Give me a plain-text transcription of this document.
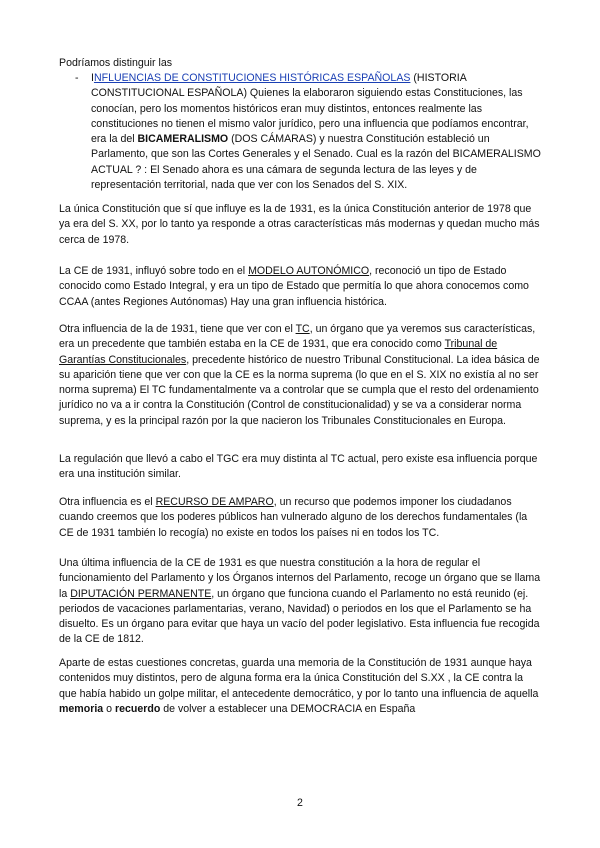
Podríamos distinguir las
- INFLUENCIAS DE CONSTITUCIONES HISTÓRICAS ESPAÑOLAS (HISTORIA CONSTITUCIONAL ESPAÑOLA) Quienes la elaboraron siguiendo estas Constituciones, las conocían, pero los momentos históricos eran muy distintos, entonces realmente las constituciones no tienen el mismo valor jurídico, pero una influencia que podíamos encontrar, era la del BICAMERALISMO (DOS CÁMARAS) y nuestra Constitución estableció un Parlamento, que son las Cortes Generales y el Senado. Cual es la razón del BICAMERALISMO ACTUAL ? : El Senado ahora es una cámara de segunda lectura de las leyes y de representación territorial, nada que ver con los Senados del S. XIX.
La única Constitución que sí que influye es la de 1931, es la única Constitución anterior de 1978 que ya era del S. XX, por lo tanto ya responde a otras características más modernas y quedan mucho más cerca de 1978.
La CE de 1931, influyó sobre todo en el MODELO AUTONÓMICO, reconoció un tipo de Estado conocido como Estado Integral, y era un tipo de Estado que permitía lo que ahora conocemos como CCAA (antes Regiones Autónomas) Hay una gran influencia histórica.
Otra influencia de la de 1931, tiene que ver con el TC, un órgano que ya veremos sus características, era un precedente que también estaba en la CE de 1931, que era conocido como Tribunal de Garantías Constitucionales, precedente histórico de nuestro Tribunal Constitucional. La idea básica de su aparición tiene que ver con que la CE es la norma suprema (lo que en el S. XIX no existía al no ser norma suprema) El TC fundamentalmente va a controlar que se cumpla que el resto del ordenamiento jurídico no va a ir contra la Constitución (Control de constitucionalidad) y se va a considerar norma suprema, y es la principal razón por la que nacieron los Tribunales Constitucionales en Europa.
La regulación que llevó a cabo el TGC era muy distinta al TC actual, pero existe esa influencia porque era una institución similar.
Otra influencia es el RECURSO DE AMPARO, un recurso que podemos imponer los ciudadanos cuando creemos que los poderes públicos han vulnerado alguno de los derechos fundamentales (la CE de 1931 también lo recogía) no existe en todos los países ni en todos los TC.
Una última influencia de la CE de 1931 es que nuestra constitución a la hora de regular el funcionamiento del Parlamento y los Órganos internos del Parlamento, recoge un órgano que se llama la DIPUTACIÓN PERMANENTE, un órgano que funciona cuando el Parlamento no está reunido (ej. periodos de vacaciones parlamentarias, verano, Navidad) o periodos en los que el Parlamento se ha disuelto. Es un órgano para evitar que haya un vacío del poder legislativo. Esta influencia fue recogida de la CE de 1812.
Aparte de estas cuestiones concretas, guarda una memoria de la Constitución de 1931 aunque haya contenidos muy distintos, pero de alguna forma era la única Constitución del S.XX , la CE contra la que había habido un golpe militar, el antecedente democrático, y por lo tanto una influencia de aquella memoria o recuerdo de volver a establecer una DEMOCRACIA en España
2
